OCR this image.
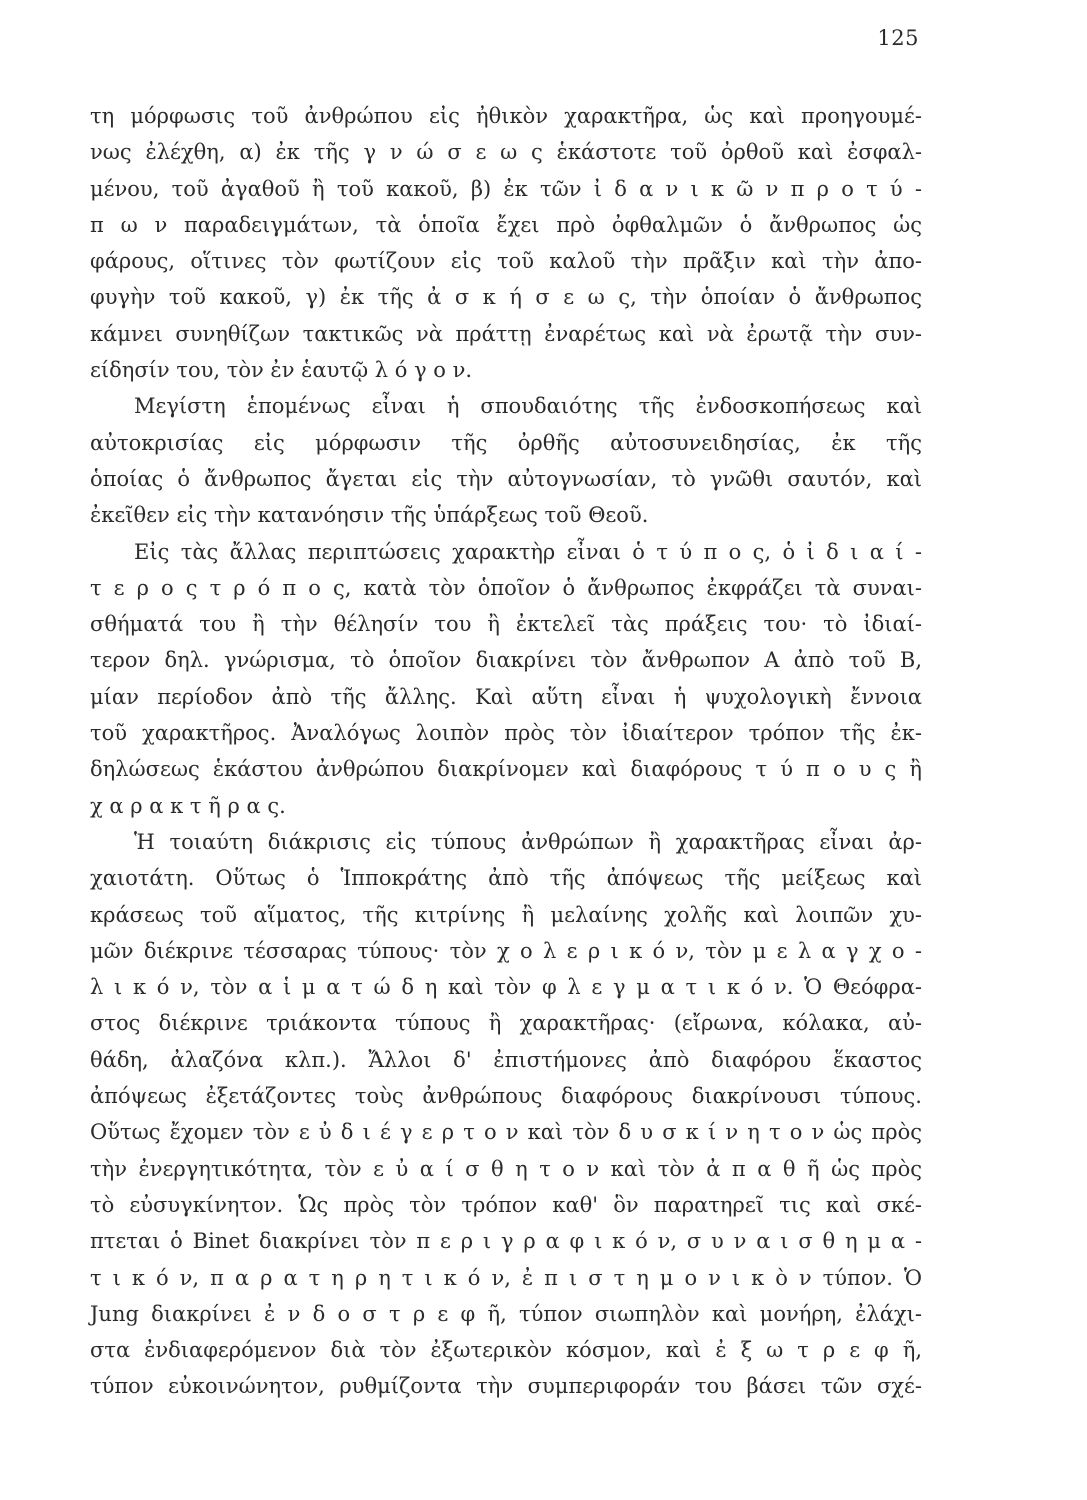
125
τη μόρφωσις τοῦ ἀνθρώπου εἰς ἠθικὸν χαρακτῆρα, ὡς καὶ προηγουμέ-
νως ἐλέχθη, α) ἐκ τῆς γ ν ώ σ ε ω ς ἑκάστοτε τοῦ ὀρθοῦ καὶ ἐσφαλ-
μένου, τοῦ ἀγαθοῦ ἢ τοῦ κακοῦ, β) ἐκ τῶν ἰ δ α ν ι κ ῶ ν π ρ ο τ ύ -
π ω ν παραδειγμάτων, τὰ ὁποῖα ἔχει πρὸ ὀφθαλμῶν ὁ ἄνθρωπος ὡς
φάρους, οἵτινες τὸν φωτίζουν εἰς τοῦ καλοῦ τὴν πρᾶξιν καὶ τὴν ἀπο-
φυγὴν τοῦ κακοῦ, γ) ἐκ τῆς ἀ σ κ ή σ ε ω ς, τὴν ὁποίαν ὁ ἄνθρωπος
κάμνει συνηθίζων τακτικῶς νὰ πράττῃ ἐναρέτως καὶ νὰ ἐρωτᾷ τὴν συν-
είδησίν του, τὸν ἐν ἑαυτῷ λ ό γ ο ν.
Μεγίστη ἑπομένως εἶναι ἡ σπουδαιότης τῆς ἐνδοσκοπήσεως καὶ
αὐτοκρισίας εἰς μόρφωσιν τῆς ὀρθῆς αὐτοσυνειδησίας, ἐκ τῆς
ὁποίας ὁ ἄνθρωπος ἄγεται εἰς τὴν αὐτογνωσίαν, τὸ γνῶθι σαυτόν, καὶ
ἐκεῖθεν εἰς τὴν κατανόησιν τῆς ὑπάρξεως τοῦ Θεοῦ.
Εἰς τὰς ἄλλας περιπτώσεις χαρακτὴρ εἶναι ὁ τ ύ π ο ς, ὁ ἰ δ ι α ί -
τ ε ρ ο ς τ ρ ό π ο ς, κατὰ τὸν ὁποῖον ὁ ἄνθρωπος ἐκφράζει τὰ συναι-
σθήματά του ἢ τὴν θέλησίν του ἢ ἐκτελεῖ τὰς πράξεις του· τὸ ἰδιαί-
τερον δηλ. γνώρισμα, τὸ ὁποῖον διακρίνει τὸν ἄνθρωπον Α ἀπὸ τοῦ Β,
μίαν περίοδον ἀπὸ τῆς ἄλλης. Καὶ αὕτη εἶναι ἡ ψυχολογικὴ ἔννοια
τοῦ χαρακτῆρος. Ἀναλόγως λοιπὸν πρὸς τὸν ἰδιαίτερον τρόπον τῆς ἐκ-
δηλώσεως ἑκάστου ἀνθρώπου διακρίνομεν καὶ διαφόρους τ ύ π ο υ ς ἢ
χ α ρ α κ τ ῆ ρ α ς.
Ἡ τοιαύτη διάκρισις εἰς τύπους ἀνθρώπων ἢ χαρακτῆρας εἶναι ἀρ-
χαιοτάτη. Οὕτως ὁ Ἱπποκράτης ἀπὸ τῆς ἀπόψεως τῆς μείξεως καὶ
κράσεως τοῦ αἵματος, τῆς κιτρίνης ἢ μελαίνης χολῆς καὶ λοιπῶν χυ-
μῶν διέκρινε τέσσαρας τύπους· τὸν χ ο λ ε ρ ι κ ό ν, τὸν μ ε λ α γ χ ο -
λ ι κ ό ν, τὸν α ἱ μ α τ ώ δ η καὶ τὸν φ λ ε γ μ α τ ι κ ό ν. Ὁ Θεόφρα-
στος διέκρινε τριάκοντα τύπους ἢ χαρακτῆρας· (εἴρωνα, κόλακα, αὐ-
θάδη, ἀλαζόνα κλπ.). Ἄλλοι δ' ἐπιστήμονες ἀπὸ διαφόρου ἕκαστος
ἀπόψεως ἐξετάζοντες τοὺς ἀνθρώπους διαφόρους διακρίνουσι τύπους.
Οὕτως ἔχομεν τὸν ε ὐ δ ι έ γ ε ρ τ ο ν καὶ τὸν δ υ σ κ ί ν η τ ο ν ὡς πρὸς
τὴν ἐνεργητικότητα, τὸν ε ὐ α ί σ θ η τ ο ν καὶ τὸν ἀ π α θ ῆ ὡς πρὸς
τὸ εὐσυγκίνητον. Ὡς πρὸς τὸν τρόπον καθ' ὃν παρατηρεῖ τις καὶ σκέ-
πτεται ὁ Binet διακρίνει τὸν π ε ρ ι γ ρ α φ ι κ ό ν, σ υ ν α ι σ θ η μ α -
τ ι κ ό ν, π α ρ α τ η ρ η τ ι κ ό ν, ἐ π ι σ τ η μ ο ν ι κ ὸ ν τύπον. Ὁ
Jung διακρίνει ἐ ν δ ο σ τ ρ ε φ ῆ, τύπον σιωπηλὸν καὶ μονήρη, ἐλάχι-
στα ἐνδιαφερόμενον διὰ τὸν ἐξωτερικὸν κόσμον, καὶ ἐ ξ ω τ ρ ε φ ῆ,
τύπον εὐκοινώνητον, ρυθμίζοντα τὴν συμπεριφοράν του βάσει τῶν σχέ-
